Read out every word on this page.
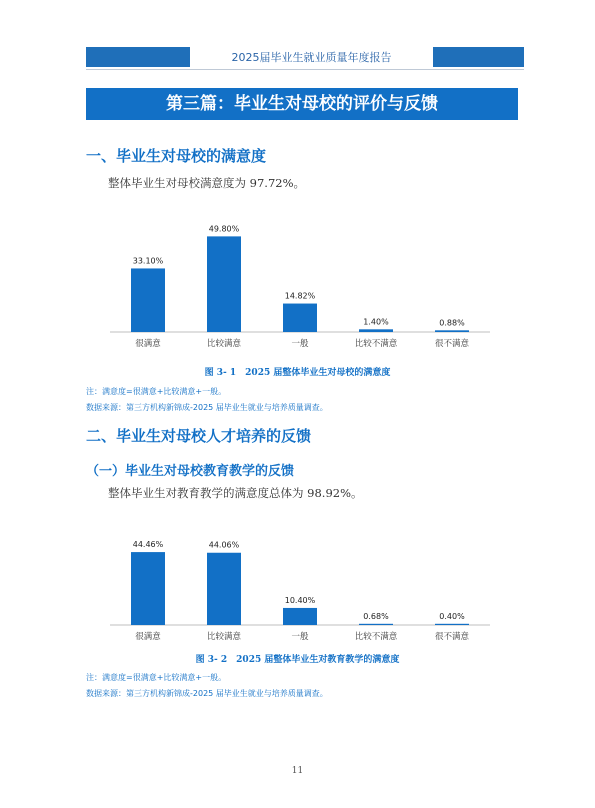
2025届毕业生就业质量年度报告
第三篇：毕业生对母校的评价与反馈
一、毕业生对母校的满意度
整体毕业生对母校满意度为 97.72%。
33.10%
很满意
49.80%
比较满意
14.82%
一般
1.40%
比较不满意
0.88%
很不满意
图 3- 1　2025 届整体毕业生对母校的满意度
注：满意度=很满意+比较满意+一般。
数据来源：第三方机构新锦成-2025 届毕业生就业与培养质量调查。
二、毕业生对母校人才培养的反馈
（一）毕业生对母校教育教学的反馈
整体毕业生对教育教学的满意度总体为 98.92%。
44.46%
很满意
44.06%
比较满意
10.40%
一般
0.68%
比较不满意
0.40%
很不满意
图 3- 2　2025 届整体毕业生对教育教学的满意度
注：满意度=很满意+比较满意+一般。
数据来源：第三方机构新锦成-2025 届毕业生就业与培养质量调查。
11
